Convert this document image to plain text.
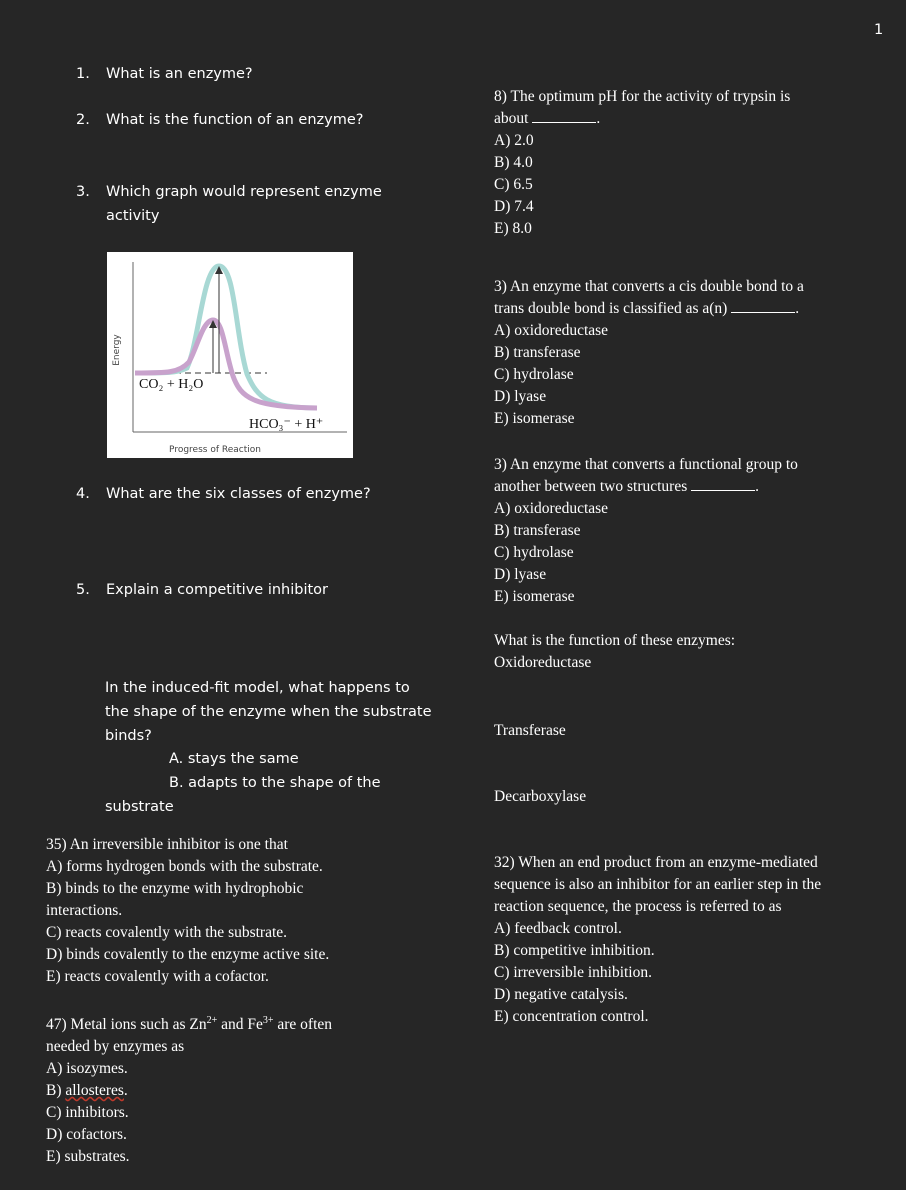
1
1. What is an enzyme?
2. What is the function of an enzyme?
3. Which graph would represent enzyme
activity
Energy
CO₂ + H₂O
HCO₃⁻ + H⁺
Progress of Reaction
4. What are the six classes of enzyme?
5. Explain a competitive inhibitor
In the induced-fit model, what happens to
the shape of the enzyme when the substrate
binds?
A. stays the same
B. adapts to the shape of the
substrate
35) An irreversible inhibitor is one that
A) forms hydrogen bonds with the substrate.
B) binds to the enzyme with hydrophobic
interactions.
C) reacts covalently with the substrate.
D) binds covalently to the enzyme active site.
E) reacts covalently with a cofactor.
47) Metal ions such as $Zn^{2+}$ and $Fe^{3+}$ are often
needed by enzymes as
A) isozymes.
B) allosteres.
C) inhibitors.
D) cofactors.
E) substrates.
8) The optimum pH for the activity of trypsin is
about	.
A) 2.0
B) 4.0
C) 6.5
D) 7.4
E) 8.0
3) An enzyme that converts a cis double bond to a
trans double bond is classified as a(n)	.
A) oxidoreductase
B) transferase
C) hydrolase
D) lyase
E) isomerase
3) An enzyme that converts a functional group to
another between two structures	.
A) oxidoreductase
B) transferase
C) hydrolase
D) lyase
E) isomerase
What is the function of these enzymes:
Oxidoreductase
Transferase
Decarboxylase
32) When an end product from an enzyme-mediated
sequence is also an inhibitor for an earlier step in the
reaction sequence, the process is referred to as
A) feedback control.
B) competitive inhibition.
C) irreversible inhibition.
D) negative catalysis.
E) concentration control.
